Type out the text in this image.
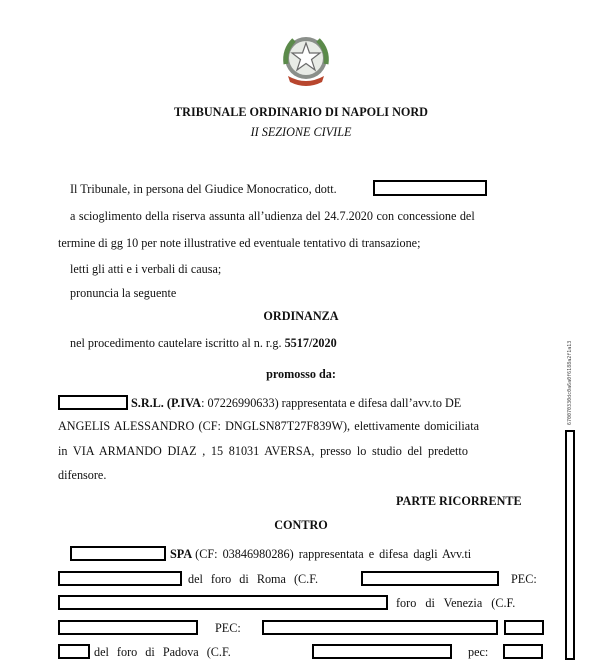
TRIBUNALE ORDINARIO DI NAPOLI NORD
II SEZIONE CIVILE
Il Tribunale, in persona del Giudice Monocratico, dott.
a scioglimento della riserva assunta all’udienza del 24.7.2020 con concessione del
termine di gg 10 per note illustrative ed eventuale tentativo di transazione;
letti gli atti e i verbali di causa;
pronuncia la seguente
ORDINANZA
nel procedimento cautelare iscritto al n. r.g. 5517/2020
promosso da:
S.R.L. (P.IVA: 07226990633) rappresentata e difesa dall’avv.to DE
ANGELIS ALESSANDRO (CF: DNGLSN87T27F839W), elettivamente domiciliata
in VIA ARMANDO DIAZ , 15 81031 AVERSA, presso lo studio del predetto
difensore.
PARTE RICORRENTE
CONTRO
SPA (CF: 03846980286) rappresentata e difesa dagli Avv.ti
del foro di Roma (C.F.	PEC:
foro di Venezia (C.F.
PEC:
del foro di Padova (C.F.	pec:
670070330dc0a6a0f6188a2f1a13
